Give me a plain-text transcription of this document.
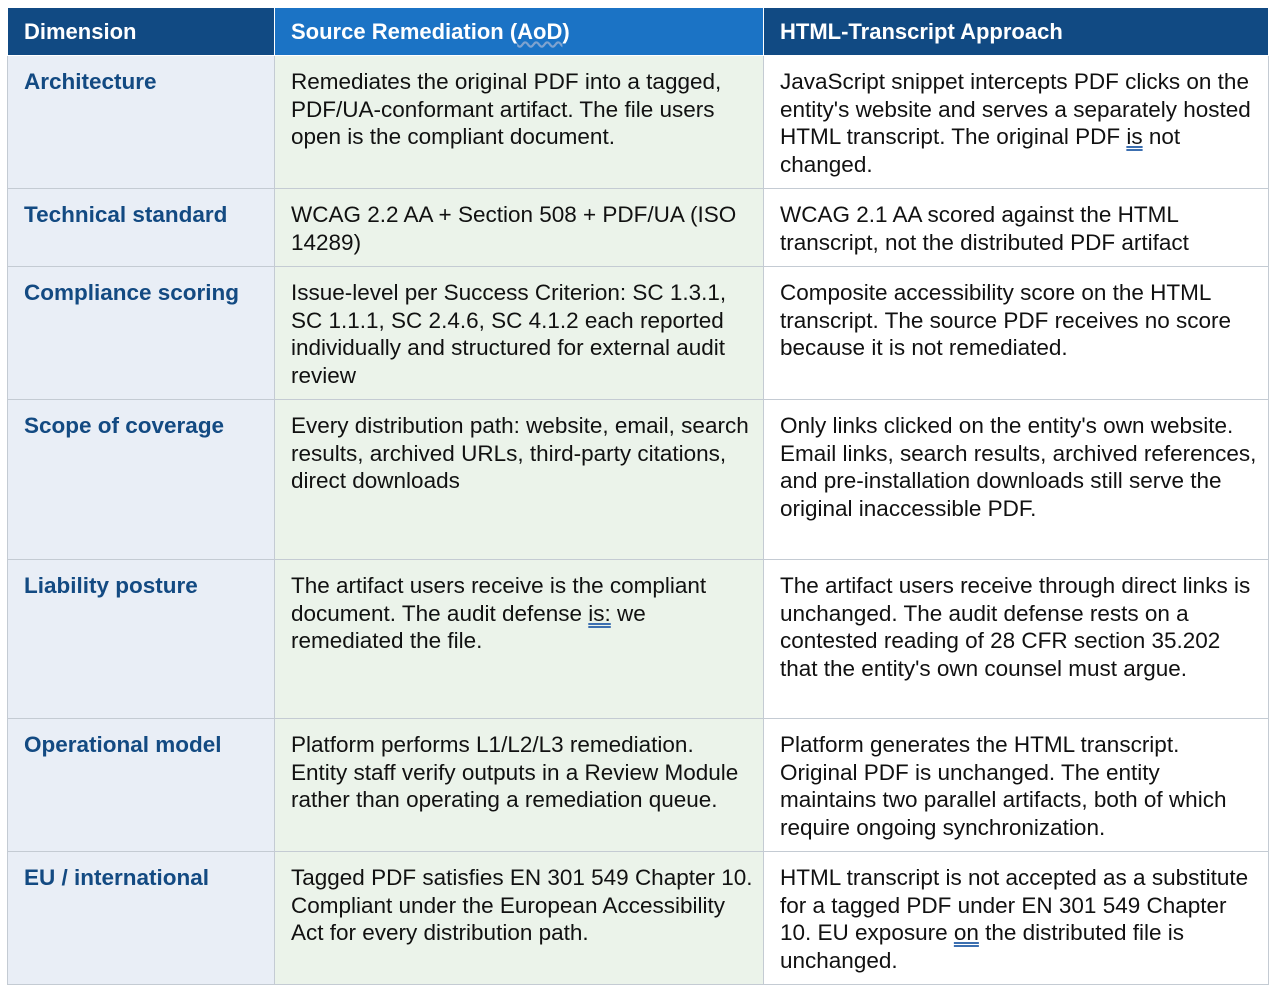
Dimension	Source Remediation (AoD)	HTML-Transcript Approach
Architecture	Remediates the original PDF into a tagged, PDF/UA-conformant artifact. The file users open is the compliant document.	JavaScript snippet intercepts PDF clicks on the entity's website and serves a separately hosted HTML transcript. The original PDF is not changed.
Technical standard	WCAG 2.2 AA + Section 508 + PDF/UA (ISO 14289)	WCAG 2.1 AA scored against the HTML transcript, not the distributed PDF artifact
Compliance scoring	Issue-level per Success Criterion: SC 1.3.1, SC 1.1.1, SC 2.4.6, SC 4.1.2 each reported individually and structured for external audit review	Composite accessibility score on the HTML transcript. The source PDF receives no score because it is not remediated.
Scope of coverage	Every distribution path: website, email, search results, archived URLs, third-party citations, direct downloads	Only links clicked on the entity's own website. Email links, search results, archived references, and pre-installation downloads still serve the original inaccessible PDF.
Liability posture	The artifact users receive is the compliant document. The audit defense is: we remediated the file.	The artifact users receive through direct links is unchanged. The audit defense rests on a contested reading of 28 CFR section 35.202 that the entity's own counsel must argue.
Operational model	Platform performs L1/L2/L3 remediation. Entity staff verify outputs in a Review Module rather than operating a remediation queue.	Platform generates the HTML transcript. Original PDF is unchanged. The entity maintains two parallel artifacts, both of which require ongoing synchronization.
EU / international	Tagged PDF satisfies EN 301 549 Chapter 10. Compliant under the European Accessibility Act for every distribution path.	HTML transcript is not accepted as a substitute for a tagged PDF under EN 301 549 Chapter 10. EU exposure on the distributed file is unchanged.
